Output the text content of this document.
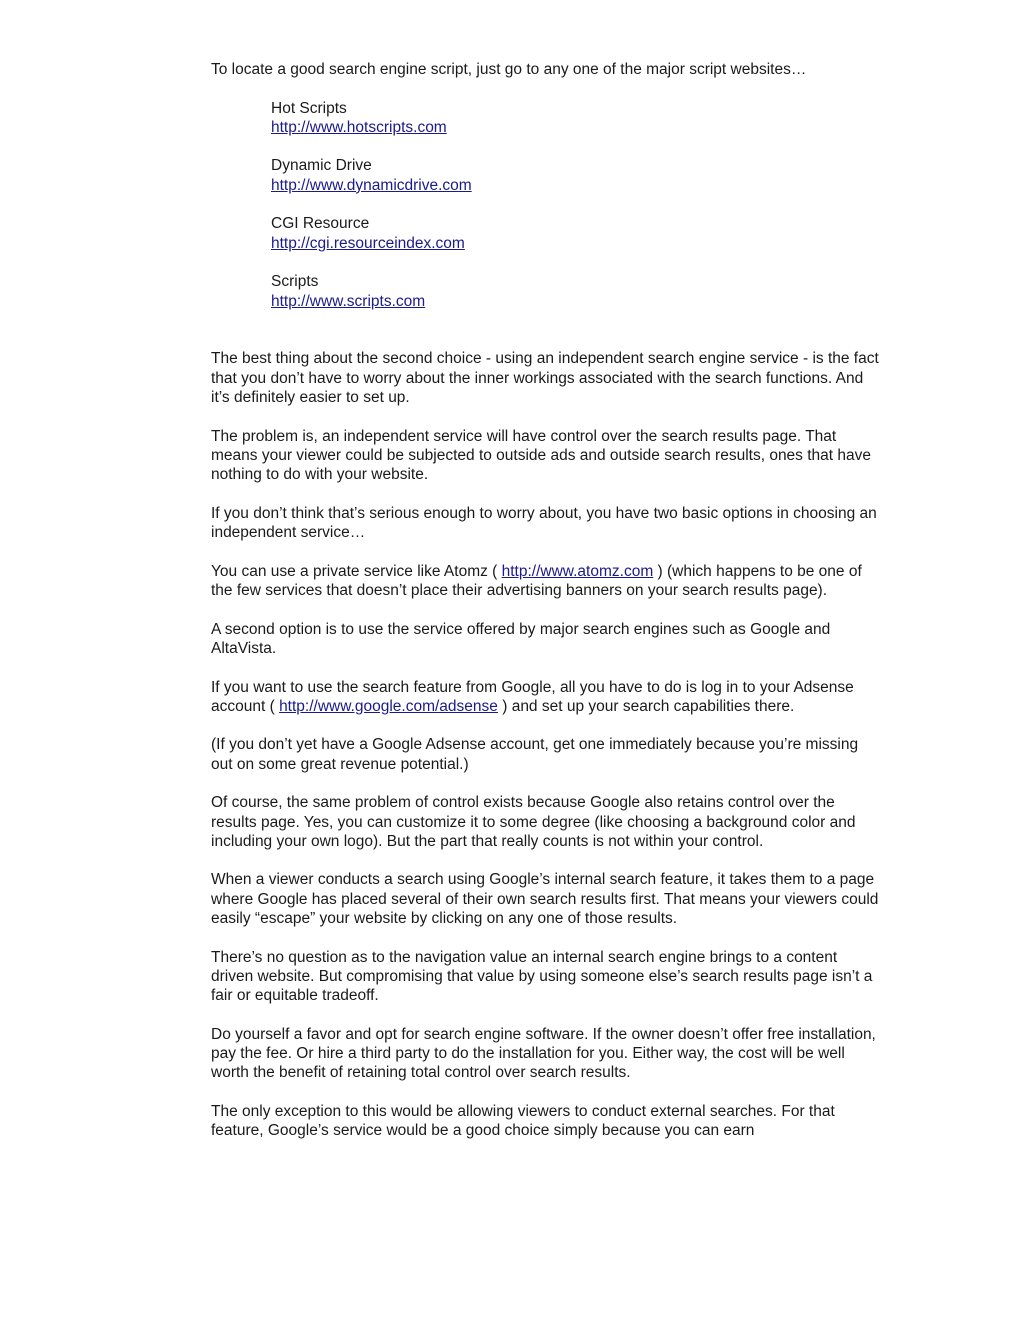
To locate a good search engine script, just go to any one of the major script websites…

Hot Scripts
http://www.hotscripts.com
Dynamic Drive
http://www.dynamicdrive.com
CGI Resource
http://cgi.resourceindex.com
Scripts
http://www.scripts.com

The best thing about the second choice - using an independent search engine service - is the fact that you don’t have to worry about the inner workings associated with the search functions. And it’s definitely easier to set up.

The problem is, an independent service will have control over the search results page. That means your viewer could be subjected to outside ads and outside search results, ones that have nothing to do with your website.

If you don’t think that’s serious enough to worry about, you have two basic options in choosing an independent service…

You can use a private service like Atomz ( http://www.atomz.com ) (which happens to be one of the few services that doesn’t place their advertising banners on your search results page).

A second option is to use the service offered by major search engines such as Google and AltaVista.

If you want to use the search feature from Google, all you have to do is log in to your Adsense account ( http://www.google.com/adsense ) and set up your search capabilities there.

(If you don’t yet have a Google Adsense account, get one immediately because you’re missing out on some great revenue potential.)

Of course, the same problem of control exists because Google also retains control over the results page. Yes, you can customize it to some degree (like choosing a background color and including your own logo). But the part that really counts is not within your control.

When a viewer conducts a search using Google’s internal search feature, it takes them to a page where Google has placed several of their own search results first. That means your viewers could easily “escape” your website by clicking on any one of those results.

There’s no question as to the navigation value an internal search engine brings to a content driven website. But compromising that value by using someone else’s search results page isn’t a fair or equitable tradeoff.

Do yourself a favor and opt for search engine software. If the owner doesn’t offer free installation, pay the fee. Or hire a third party to do the installation for you. Either way, the cost will be well worth the benefit of retaining total control over search results.

The only exception to this would be allowing viewers to conduct external searches. For that feature, Google’s service would be a good choice simply because you can earn
